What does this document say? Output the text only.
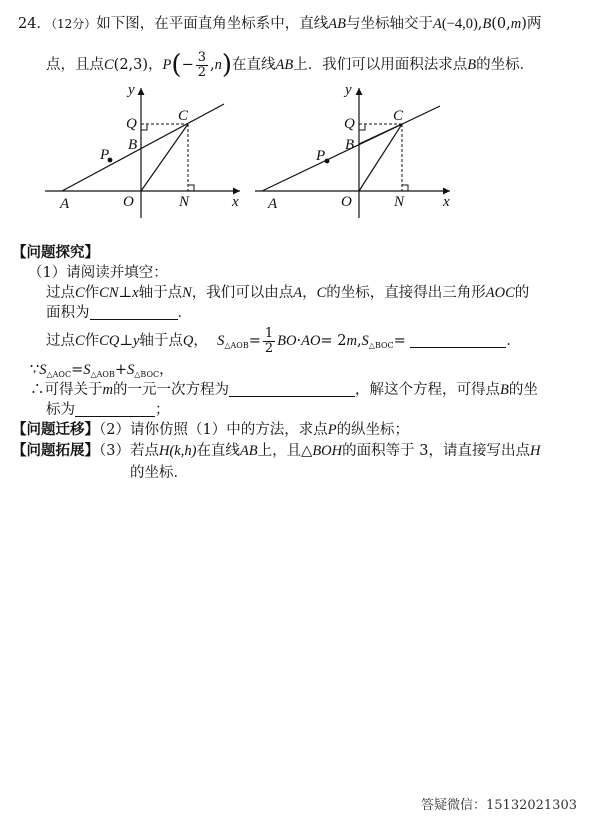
24．（12分）如下图，在平面直角坐标系中，直线AB与坐标轴交于A(−4,0),B(0,m)两
点，且点C(2,3)，$P(- \frac{3}{2} ,n)$在直线AB上．我们可以用面积法求点B的坐标．
y
Q	C
B
P
A	O	N	x
y
Q	C
B
P
A	O	N	x
【问题探究】
（1）请阅读并填空：
过点C作CN⊥x轴于点N，我们可以由点A，C的坐标，直接得出三角形AOC的
面积为	．
过点C作CQ⊥y轴于点Q， $S_{\triangle AOB}= \frac{1}{2} BO\cdot AO= 2m,S_{\triangle BOC}=$	．
$\because S_{\triangle AOC}=S_{\triangle AOB}+S_{\triangle BOC}$，
∴可得关于m的一元一次方程为	，解这个方程，可得点B的坐
标为	；
【问题迁移】（2）请你仿照（1）中的方法，求点P的纵坐标；
【问题拓展】（3）若点H(k,h)在直线AB上，且△BOH的面积等于 3，请直接写出点H
的坐标．
答疑微信：15132021303
